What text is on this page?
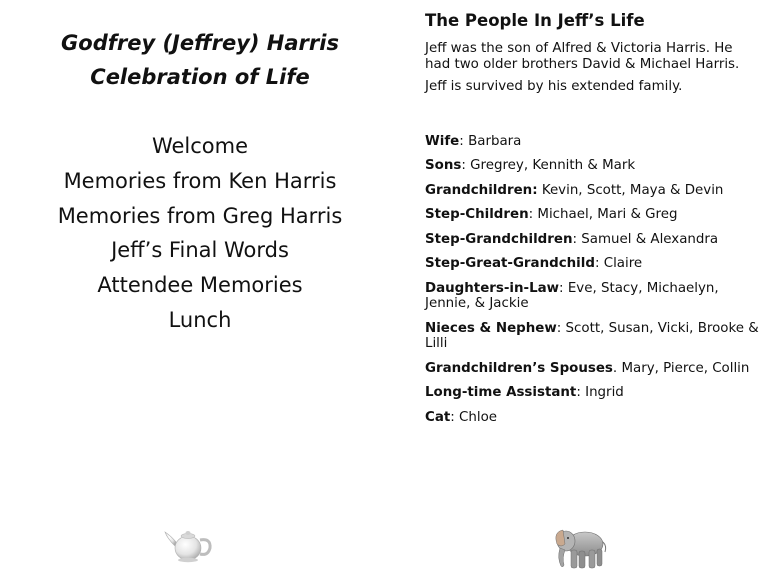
Godfrey (Jeffrey) Harris
Celebration of Life
Welcome
Memories from Ken Harris
Memories from Greg Harris
Jeff’s Final Words
Attendee Memories
Lunch
The People In Jeff’s Life
Jeff was the son of Alfred & Victoria Harris. He had two older brothers David & Michael Harris.
Jeff is survived by his extended family.
Wife: Barbara
Sons: Gregrey, Kennith & Mark
Grandchildren: Kevin, Scott, Maya & Devin
Step-Children: Michael, Mari & Greg
Step-Grandchildren: Samuel & Alexandra
Step-Great-Grandchild: Claire
Daughters-in-Law: Eve, Stacy, Michaelyn, Jennie, & Jackie
Nieces & Nephew: Scott, Susan, Vicki, Brooke & Lilli
Grandchildren’s Spouses. Mary, Pierce, Collin
Long-time Assistant: Ingrid
Cat: Chloe
